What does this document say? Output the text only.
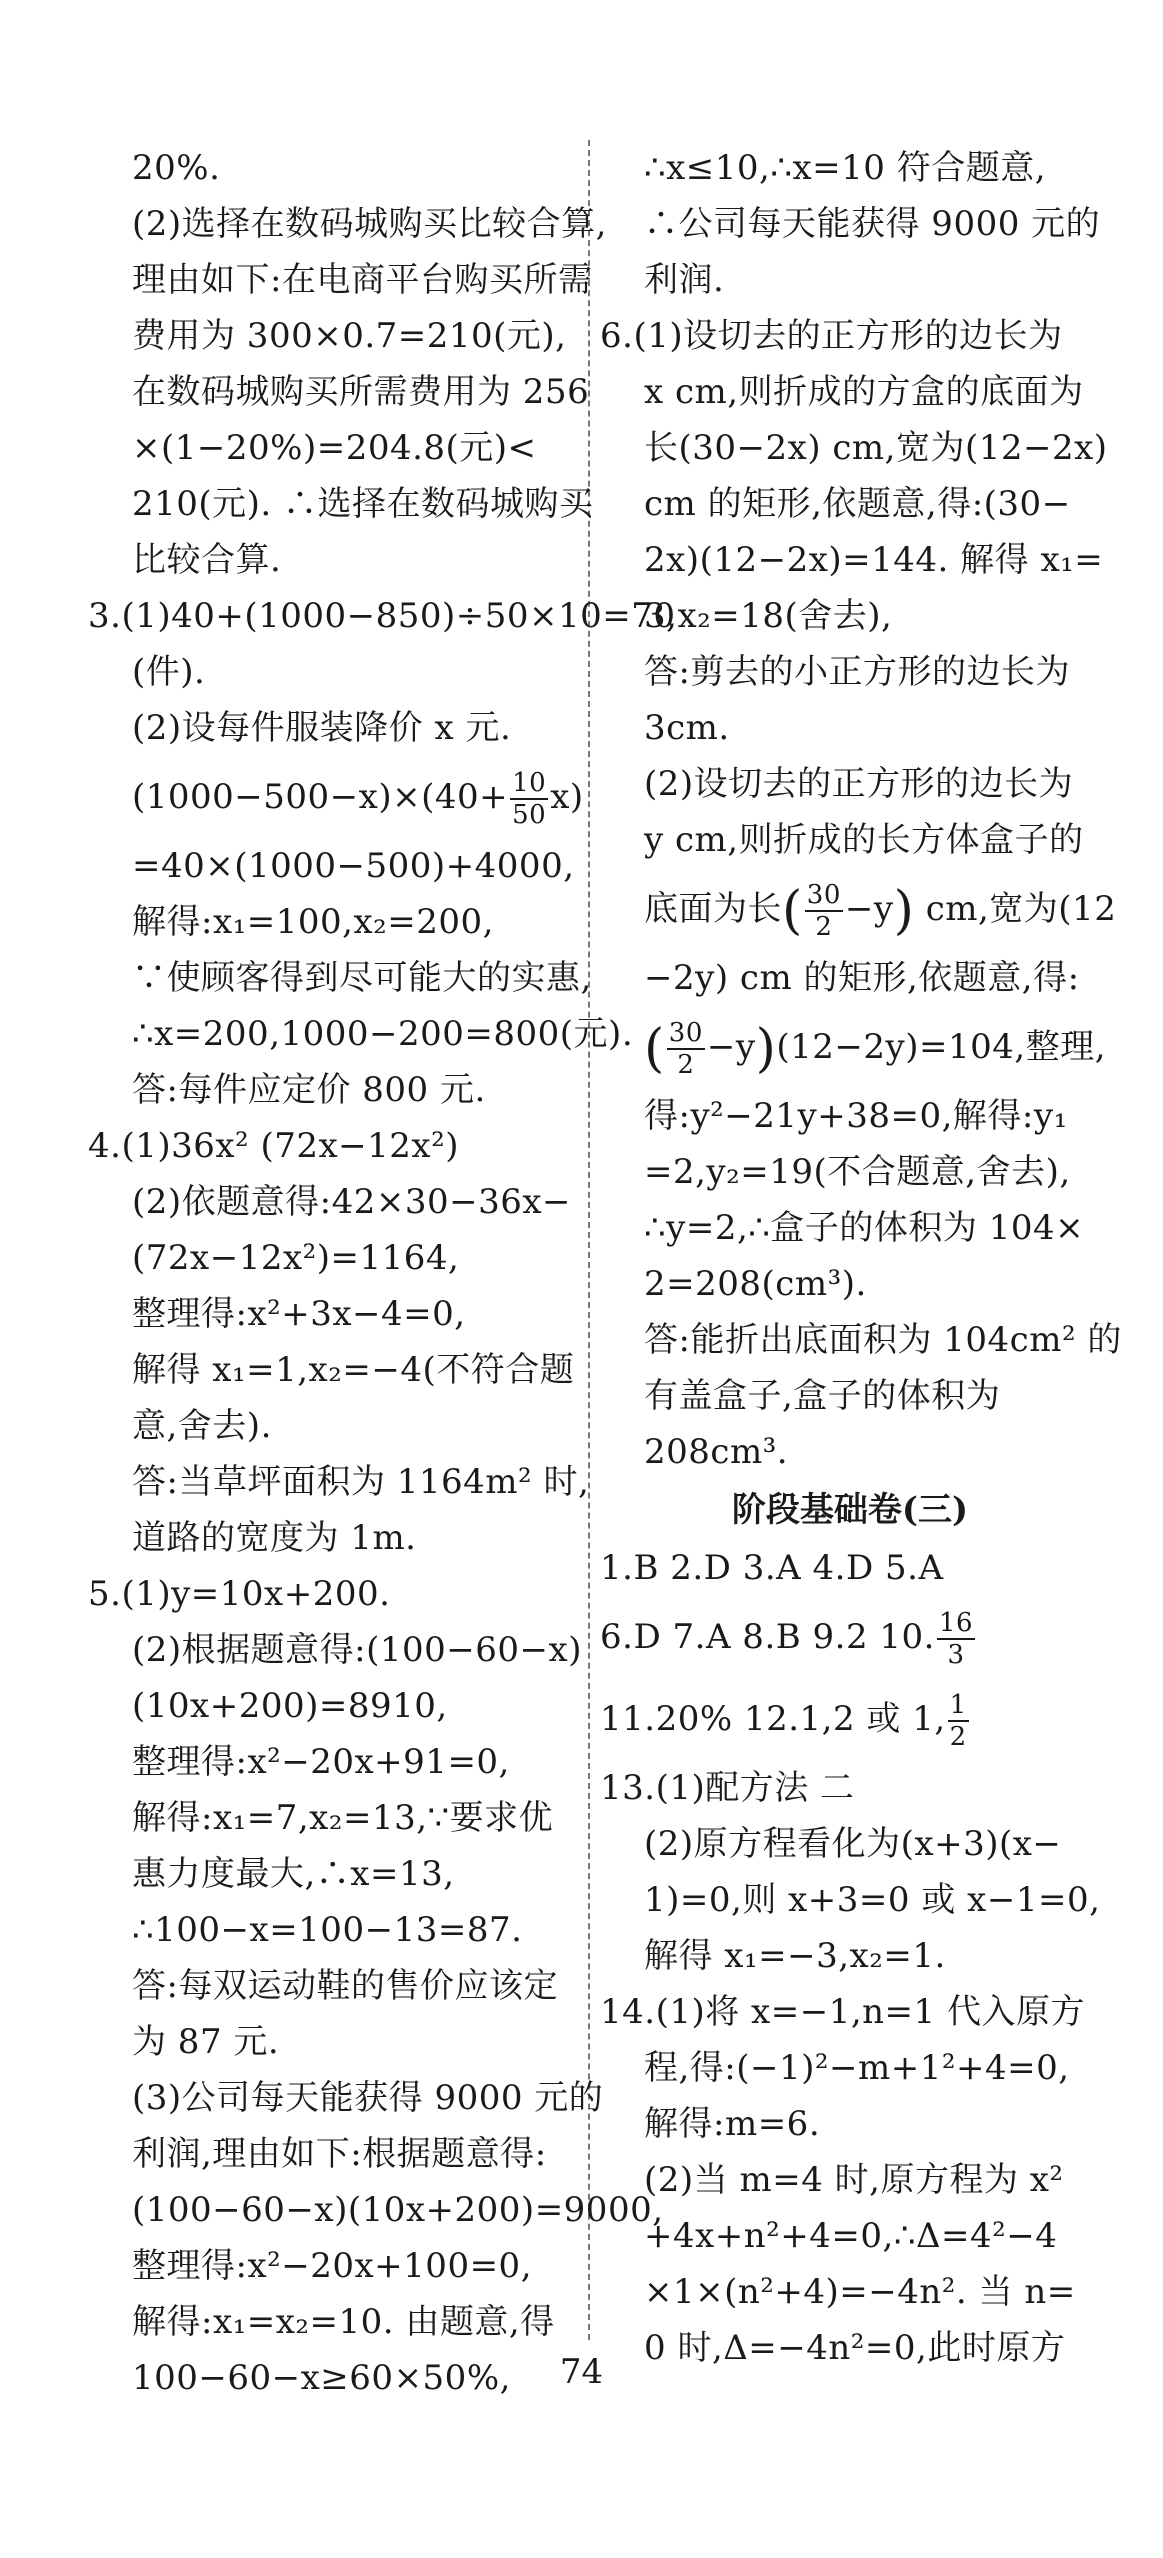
20%.
(2)选择在数码城购买比较合算,
理由如下:在电商平台购买所需
费用为 300×0.7=210(元),
在数码城购买所需费用为 256
×(1−20%)=204.8(元)<
210(元). ∴选择在数码城购买
比较合算.
3.(1)40+(1000−850)÷50×10=70
(件).
(2)设每件服装降价 x 元.
$(1000-500-x)\times(40+ \frac{10}{50} x)$
=40×(1000−500)+4000,
解得:x₁=100,x₂=200,
∵使顾客得到尽可能大的实惠,
∴x=200,1000−200=800(元).
答:每件应定价 800 元.
4.(1)36x² (72x−12x²)
(2)依题意得:42×30−36x−
(72x−12x²)=1164,
整理得:x²+3x−4=0,
解得 x₁=1,x₂=−4(不符合题
意,舍去).
答:当草坪面积为 1164m² 时,
道路的宽度为 1m.
5.(1)y=10x+200.
(2)根据题意得:(100−60−x)
(10x+200)=8910,
整理得:x²−20x+91=0,
解得:x₁=7,x₂=13,∵要求优
惠力度最大,∴x=13,
∴100−x=100−13=87.
答:每双运动鞋的售价应该定
为 87 元.
(3)公司每天能获得 9000 元的
利润,理由如下:根据题意得:
(100−60−x)(10x+200)=9000,
整理得:x²−20x+100=0,
解得:x₁=x₂=10. 由题意,得
100−60−x≥60×50%,
∴x≤10,∴x=10 符合题意,
∴公司每天能获得 9000 元的
利润.
6.(1)设切去的正方形的边长为
x cm,则折成的方盒的底面为
长(30−2x) cm,宽为(12−2x)
cm 的矩形,依题意,得:(30−
2x)(12−2x)=144. 解得 x₁=
3,x₂=18(舍去),
答:剪去的小正方形的边长为
3cm.
(2)设切去的正方形的边长为
y cm,则折成的长方体盒子的
底面为长( $\frac{30}{2} -y$) cm,宽为(12
−2y) cm 的矩形,依题意,得:
( $\frac{30}{2} -y)(12-2y)=104$,整理,
得:y²−21y+38=0,解得:y₁
=2,y₂=19(不合题意,舍去),
∴y=2,∴盒子的体积为 104×
2=208(cm³).
答:能折出底面积为 104cm² 的
有盖盒子,盒子的体积为
208cm³.
阶段基础卷(三)
1.B 2.D 3.A 4.D 5.A
6.D 7.A 8.B 9.2 10. $\frac{16}{3}$
11.20% 12.1,2 或 1, $\frac{1}{2}$
13.(1)配方法 二
(2)原方程看化为(x+3)(x−
1)=0,则 x+3=0 或 x−1=0,
解得 x₁=−3,x₂=1.
14.(1)将 x=−1,n=1 代入原方
程,得:(−1)²−m+1²+4=0,
解得:m=6.
(2)当 m=4 时,原方程为 x²
+4x+n²+4=0,∴Δ=4²−4
×1×(n²+4)=−4n². 当 n=
0 时,Δ=−4n²=0,此时原方
74
